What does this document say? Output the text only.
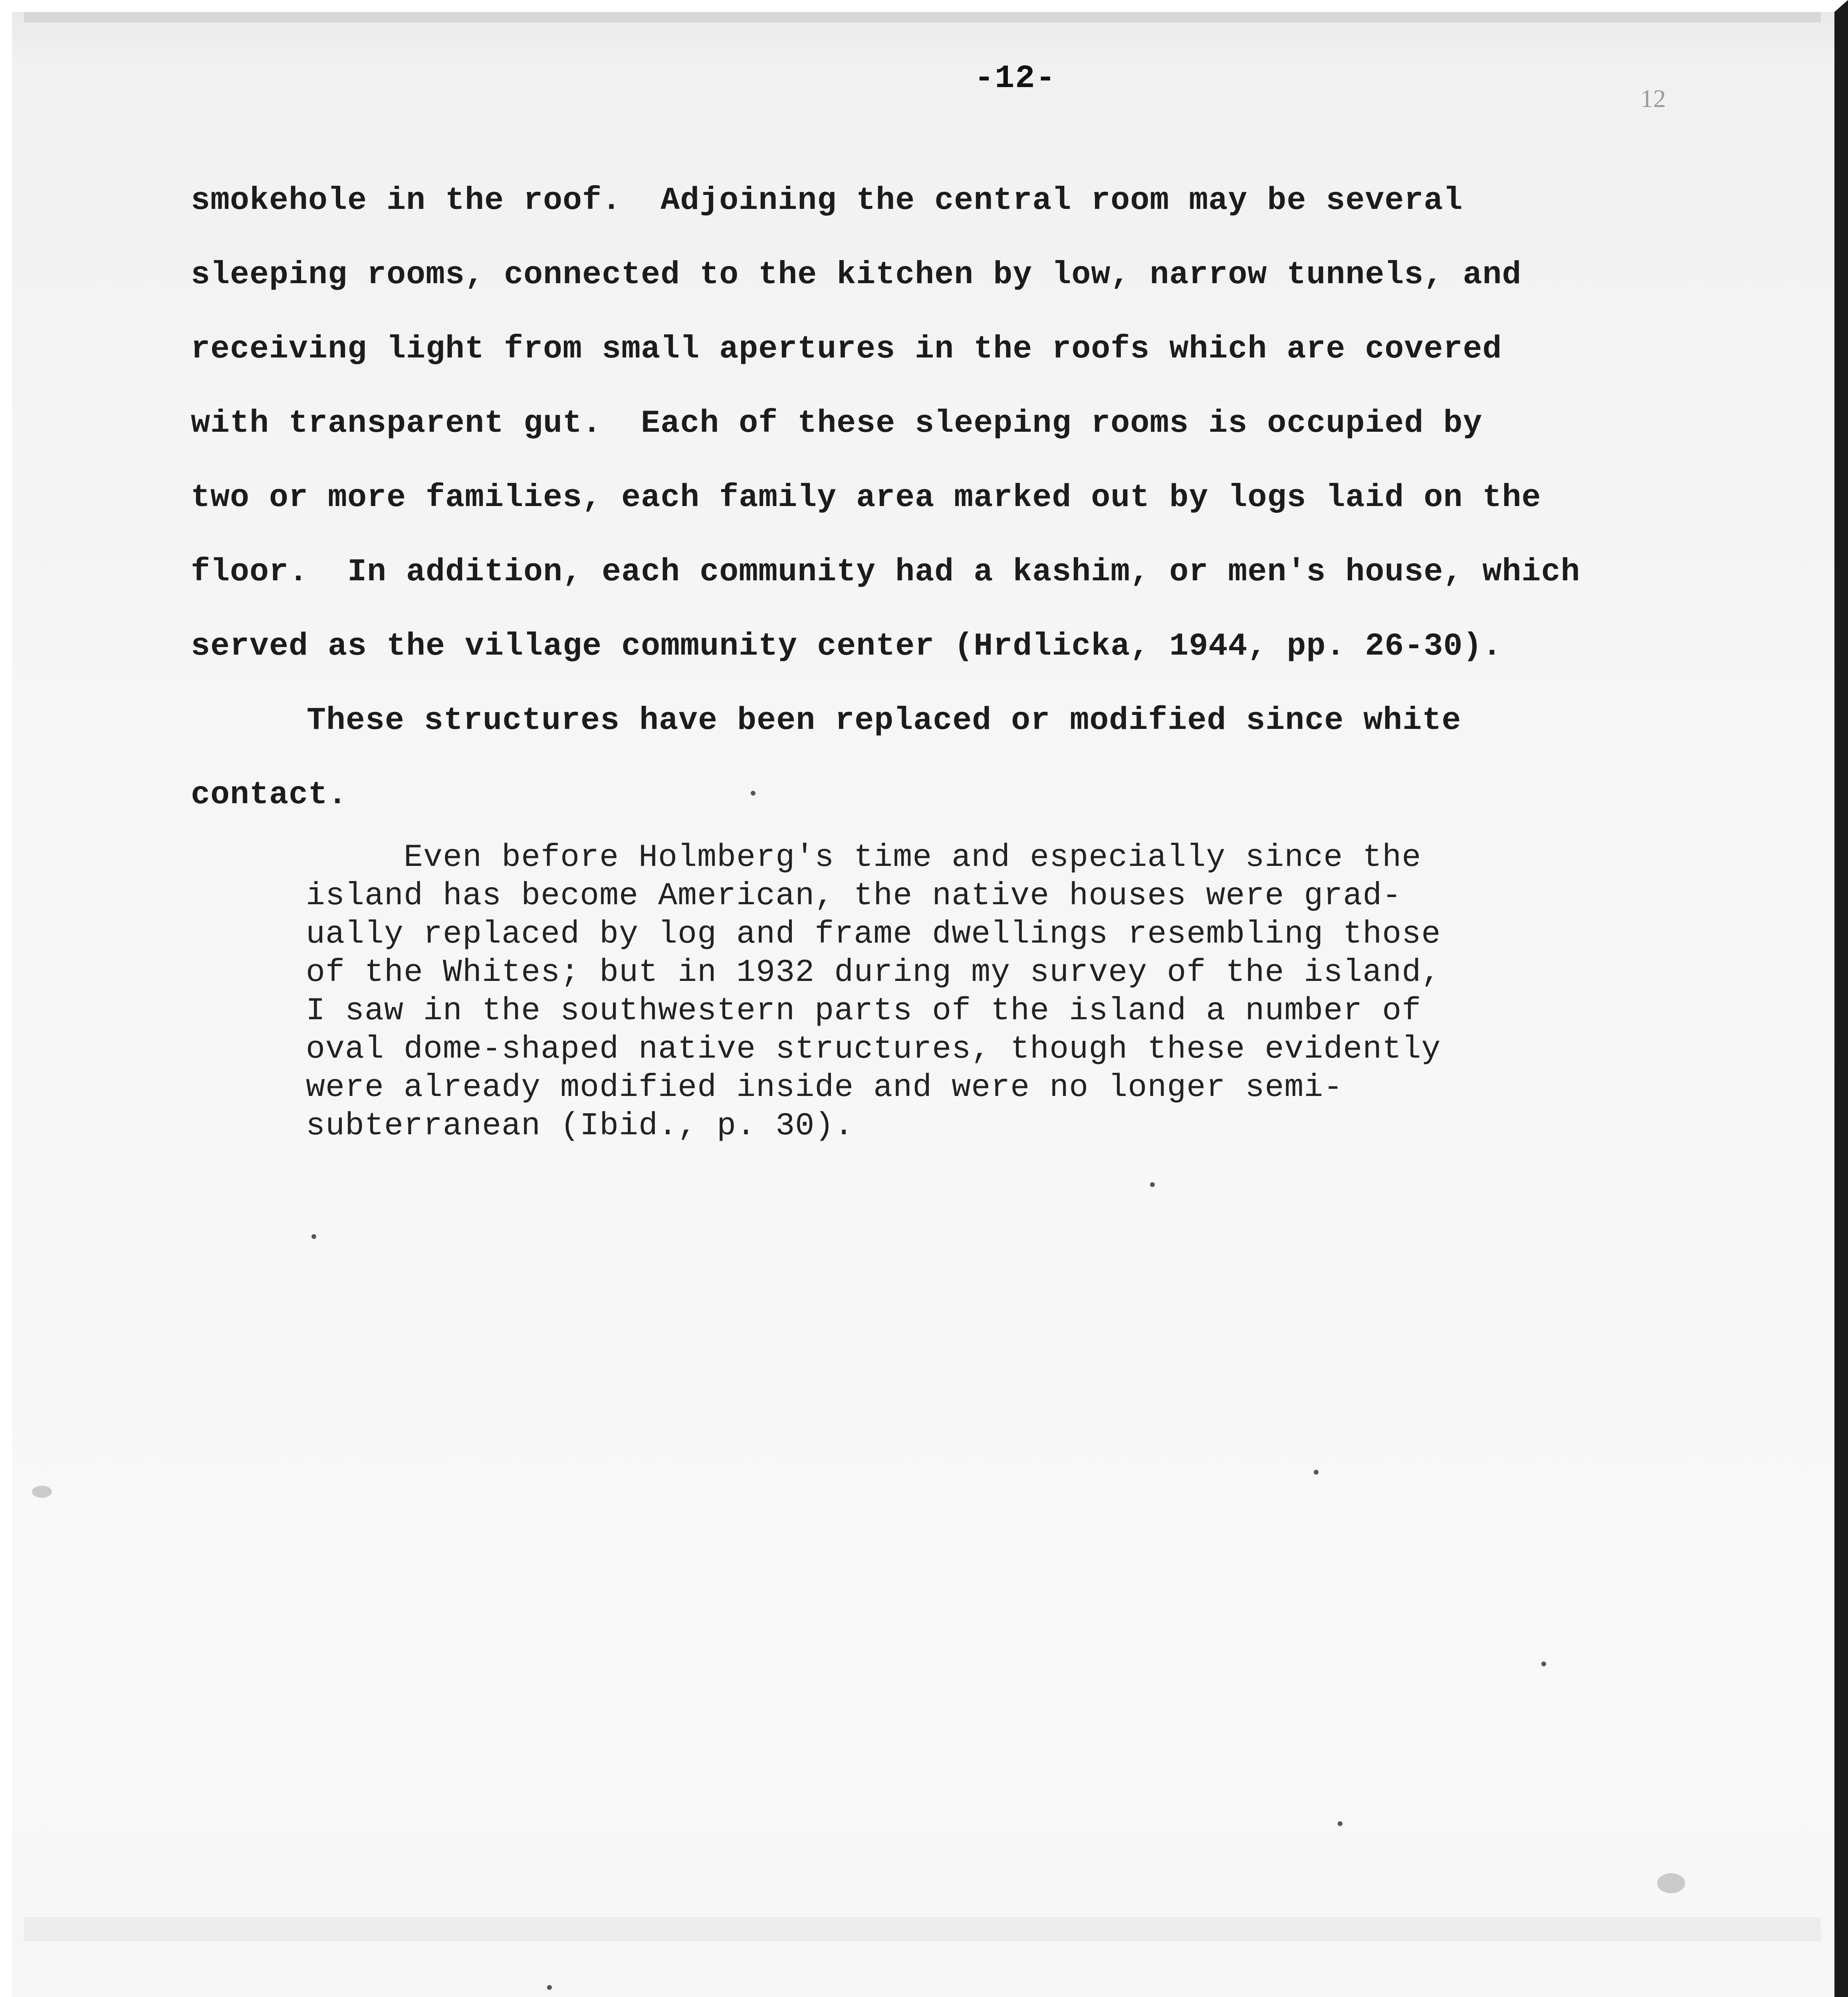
-12-
12
smokehole in the roof.  Adjoining the central room may be several
sleeping rooms, connected to the kitchen by low, narrow tunnels, and
receiving light from small apertures in the roofs which are covered
with transparent gut.  Each of these sleeping rooms is occupied by
two or more families, each family area marked out by logs laid on the
floor.  In addition, each community had a kashim, or men's house, which
served as the village community center (Hrdlicka, 1944, pp. 26-30).
These structures have been replaced or modified since white
contact.
Even before Holmberg's time and especially since the
island has become American, the native houses were grad-
ually replaced by log and frame dwellings resembling those
of the Whites; but in 1932 during my survey of the island,
I saw in the southwestern parts of the island a number of
oval dome-shaped native structures, though these evidently
were already modified inside and were no longer semi-
subterranean (Ibid., p. 30).
